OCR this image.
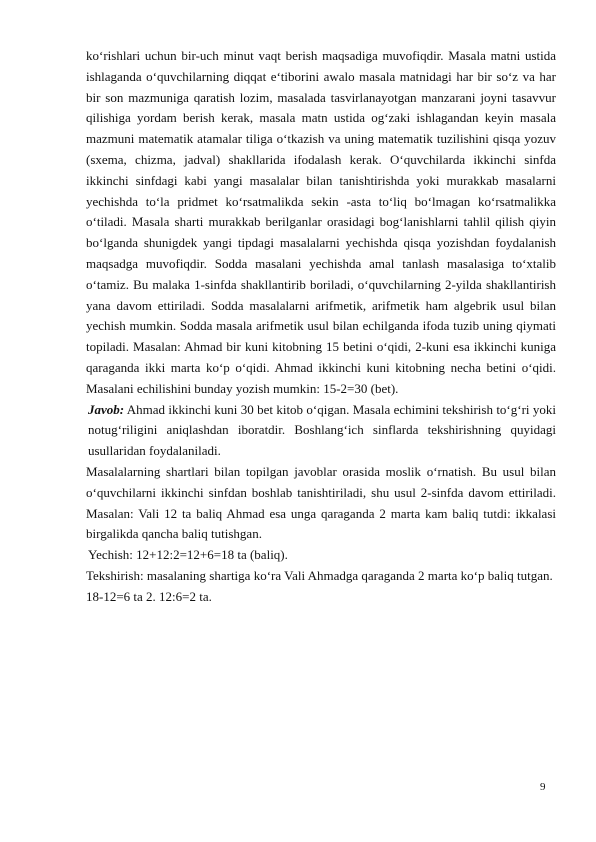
ko‘rishlari uchun bir-uch minut vaqt berish maqsadiga muvofiqdir. Masala matni ustida ishlaganda o‘quvchilarning diqqat e‘tiborini awalo masala matnidagi har bir so‘z va har bir son mazmuniga qaratish lozim, masalada tasvirlanayotgan manzarani joyni tasavvur qilishiga yordam berish kerak, masala matn ustida og‘zaki ishlagandan keyin masala mazmuni matematik atamalar tiliga o‘tkazish va uning matematik tuzilishini qisqa yozuv (sxema, chizma, jadval) shakllarida ifodalash kerak. O‘quvchilarda ikkinchi sinfda ikkinchi sinfdagi kabi yangi masalalar bilan tanishtirishda yoki murakkab masalarni yechishda to‘la pridmet ko‘rsatmalikda sekin -asta to‘liq bo‘lmagan ko‘rsatmalikka o‘tiladi. Masala sharti murakkab berilganlar orasidagi bog‘lanishlarni tahlil qilish qiyin bo‘lganda shunigdek yangi tipdagi masalalarni yechishda qisqa yozishdan foydalanish maqsadga muvofiqdir. Sodda masalani yechishda amal tanlash masalasiga to‘xtalib o‘tamiz. Bu malaka 1-sinfda shakllantirib boriladi, o‘quvchilarning 2-yilda shakllantirish yana davom ettiriladi. Sodda masalalarni arifmetik, arifmetik ham algebrik usul bilan yechish mumkin. Sodda masala arifmetik usul bilan echilganda ifoda tuzib uning qiymati topiladi. Masalan: Ahmad bir kuni kitobning 15 betini o‘qidi, 2-kuni esa ikkinchi kuniga qaraganda ikki marta ko‘p o‘qidi. Ahmad ikkinchi kuni kitobning necha betini o‘qidi. Masalani echilishini bunday yozish mumkin: 15-2=30 (bet).

Javob: Ahmad ikkinchi kuni 30 bet kitob o‘qigan. Masala echimini tekshirish to‘g‘ri yoki notug‘riligini aniqlashdan iboratdir. Boshlang‘ich sinflarda tekshirishning quyidagi usullaridan foydalaniladi.

Masalalarning shartlari bilan topilgan javoblar orasida moslik o‘rnatish. Bu usul bilan o‘quvchilarni ikkinchi sinfdan boshlab tanishtiriladi, shu usul 2-sinfda davom ettiriladi. Masalan: Vali 12 ta baliq Ahmad esa unga qaraganda 2 marta kam baliq tutdi: ikkalasi birgalikda qancha baliq tutishgan.

Yechish: 12+12:2=12+6=18 ta (baliq).

Tekshirish: masalaning shartiga ko‘ra Vali Ahmadga qaraganda 2 marta ko‘p baliq tutgan.

18-12=6 ta 2. 12:6=2 ta.

9
